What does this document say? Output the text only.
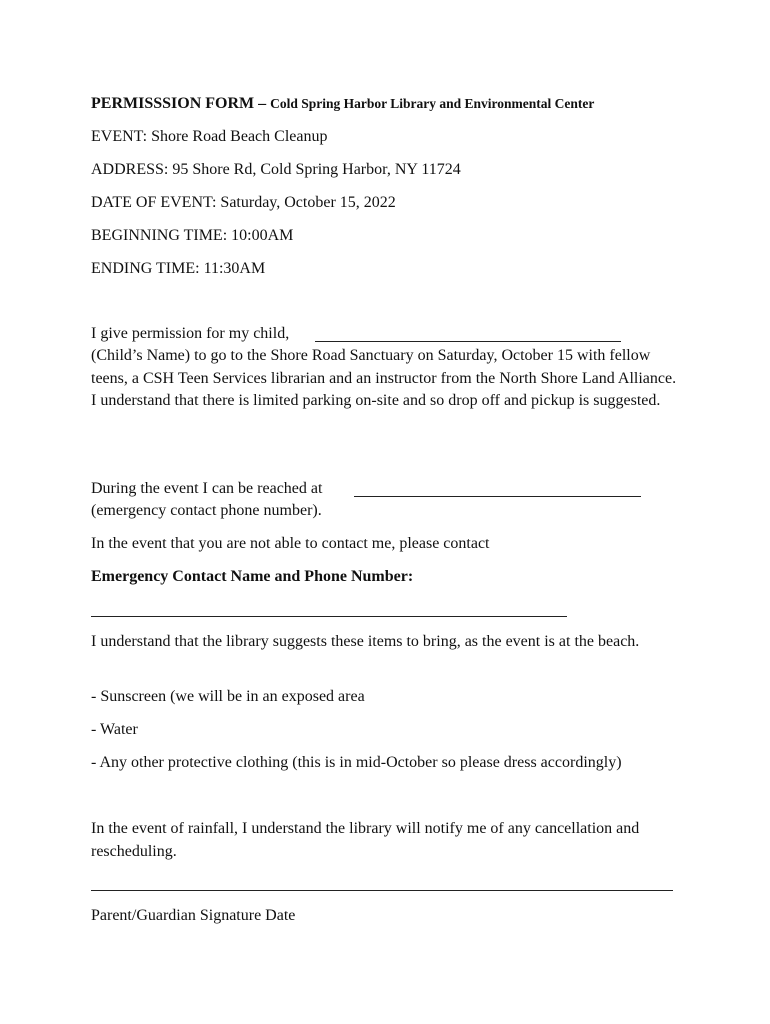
PERMISSSION FORM – Cold Spring Harbor Library and Environmental Center
EVENT: Shore Road Beach Cleanup
ADDRESS: 95 Shore Rd, Cold Spring Harbor, NY 11724
DATE OF EVENT: Saturday, October 15, 2022
BEGINNING TIME: 10:00AM
ENDING TIME: 11:30AM
I give permission for my child,
(Child’s Name) to go to the Shore Road Sanctuary on Saturday, October 15 with fellow teens, a CSH Teen Services librarian and an instructor from the North Shore Land Alliance. I understand that there is limited parking on-site and so drop off and pickup is suggested.
During the event I can be reached at
(emergency contact phone number).
In the event that you are not able to contact me, please contact
Emergency Contact Name and Phone Number:
I understand that the library suggests these items to bring, as the event is at the beach.
- Sunscreen (we will be in an exposed area
- Water
- Any other protective clothing (this is in mid-October so please dress accordingly)
In the event of rainfall, I understand the library will notify me of any cancellation and rescheduling.
Parent/Guardian Signature Date
